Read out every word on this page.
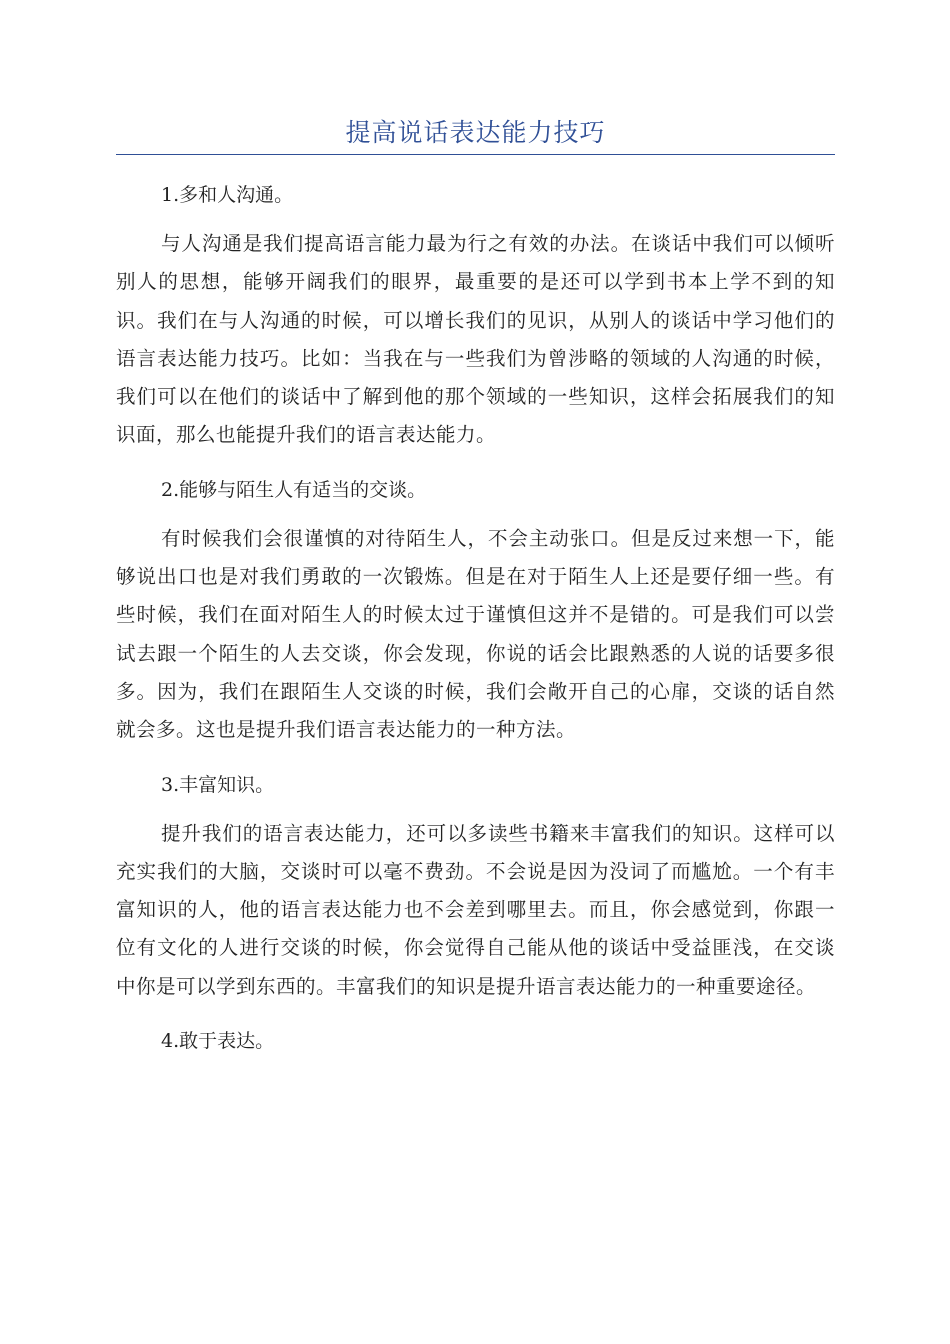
提高说话表达能力技巧

1.多和人沟通。

与人沟通是我们提高语言能力最为行之有效的办法。在谈话中我们可以倾听别人的思想，能够开阔我们的眼界，最重要的是还可以学到书本上学不到的知识。我们在与人沟通的时候，可以增长我们的见识，从别人的谈话中学习他们的语言表达能力技巧。比如：当我在与一些我们为曾涉略的领域的人沟通的时候，我们可以在他们的谈话中了解到他的那个领域的一些知识，这样会拓展我们的知识面，那么也能提升我们的语言表达能力。

2.能够与陌生人有适当的交谈。

有时候我们会很谨慎的对待陌生人，不会主动张口。但是反过来想一下，能够说出口也是对我们勇敢的一次锻炼。但是在对于陌生人上还是要仔细一些。有些时候，我们在面对陌生人的时候太过于谨慎但这并不是错的。可是我们可以尝试去跟一个陌生的人去交谈，你会发现，你说的话会比跟熟悉的人说的话要多很多。因为，我们在跟陌生人交谈的时候，我们会敞开自己的心扉，交谈的话自然就会多。这也是提升我们语言表达能力的一种方法。

3.丰富知识。

提升我们的语言表达能力，还可以多读些书籍来丰富我们的知识。这样可以充实我们的大脑，交谈时可以毫不费劲。不会说是因为没词了而尴尬。一个有丰富知识的人，他的语言表达能力也不会差到哪里去。而且，你会感觉到，你跟一位有文化的人进行交谈的时候，你会觉得自己能从他的谈话中受益匪浅，在交谈中你是可以学到东西的。丰富我们的知识是提升语言表达能力的一种重要途径。

4.敢于表达。
